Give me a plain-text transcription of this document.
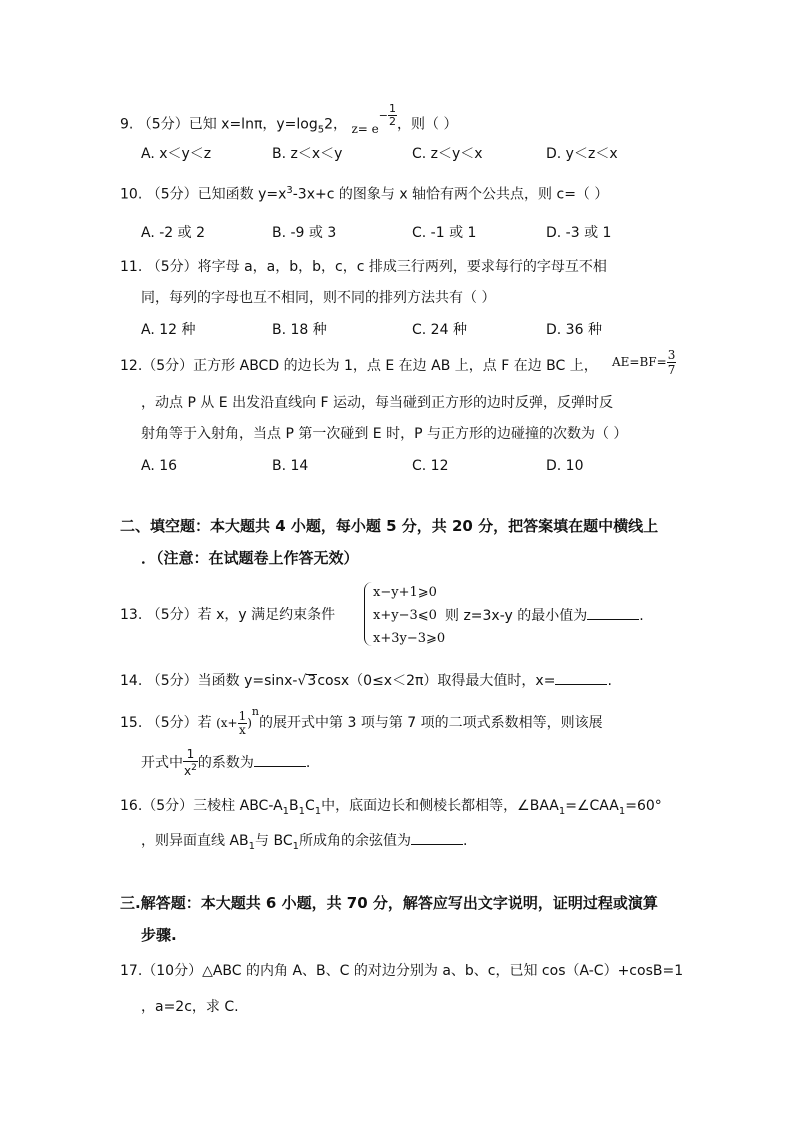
9. （5分）已知 x=lnπ，$y=\log_52$， $z= e^{- \frac{1}{2}}$ ，则（ ）
A. x＜y＜z	B. z＜x＜y	C. z＜y＜x	D. y＜z＜x
10. （5分）已知函数 $y=x^3-3x+c$ 的图象与 x 轴恰有两个公共点，则 c=（ ）
A. -2 或 2	B. -9 或 3	C. -1 或 1	D. -3 或 1
11. （5分）将字母 a，a，b，b，c，c 排成三行两列，要求每行的字母互不相
同，每列的字母也互不相同，则不同的排列方法共有（ ）
A. 12 种	B. 18 种	C. 24 种	D. 36 种
12.（5分）正方形 ABCD 的边长为 1，点 E 在边 AB 上，点 F 在边 BC 上， $AE=BF= \frac{3}{7}$
，动点 P 从 E 出发沿直线向 F 运动，每当碰到正方形的边时反弹，反弹时反
射角等于入射角，当点 P 第一次碰到 E 时，P 与正方形的边碰撞的次数为（ ）
A. 16	B. 14	C. 12	D. 10
二、填空题：本大题共 4 小题，每小题 5 分，共 20 分，把答案填在题中横线上
．（注意：在试题卷上作答无效）
13. （5分）若 x，y 满足约束条件
x−y+1⩾0
x+y−3⩽0
x+3y−3⩾0
则 z=3x-y 的最小值为	.
14. （5分）当函数 y=sinx-√3cosx（0≤x＜2π）取得最大值时，x=	.
15. （5分）若 $(x+ \frac{1}{x} )n$的展开式中第 3 项与第 7 项的二项式系数相等，则该展
开式中 $\frac{1}{x^2}$ 的系数为	.
16.（5分）三棱柱 ABC-$A_1B_1C_1$中，底面边长和侧棱长都相等，$\angle BAA_1=\angle CAA_1=60^\circ$
，则异面直线 $AB_1$与 $BC_1$所成角的余弦值为	.
三.解答题：本大题共 6 小题，共 70 分，解答应写出文字说明，证明过程或演算
步骤.
17.（10分）△ABC 的内角 A、B、C 的对边分别为 a、b、c，已知 cos（A-C）+cosB=1
，a=2c，求 C.
